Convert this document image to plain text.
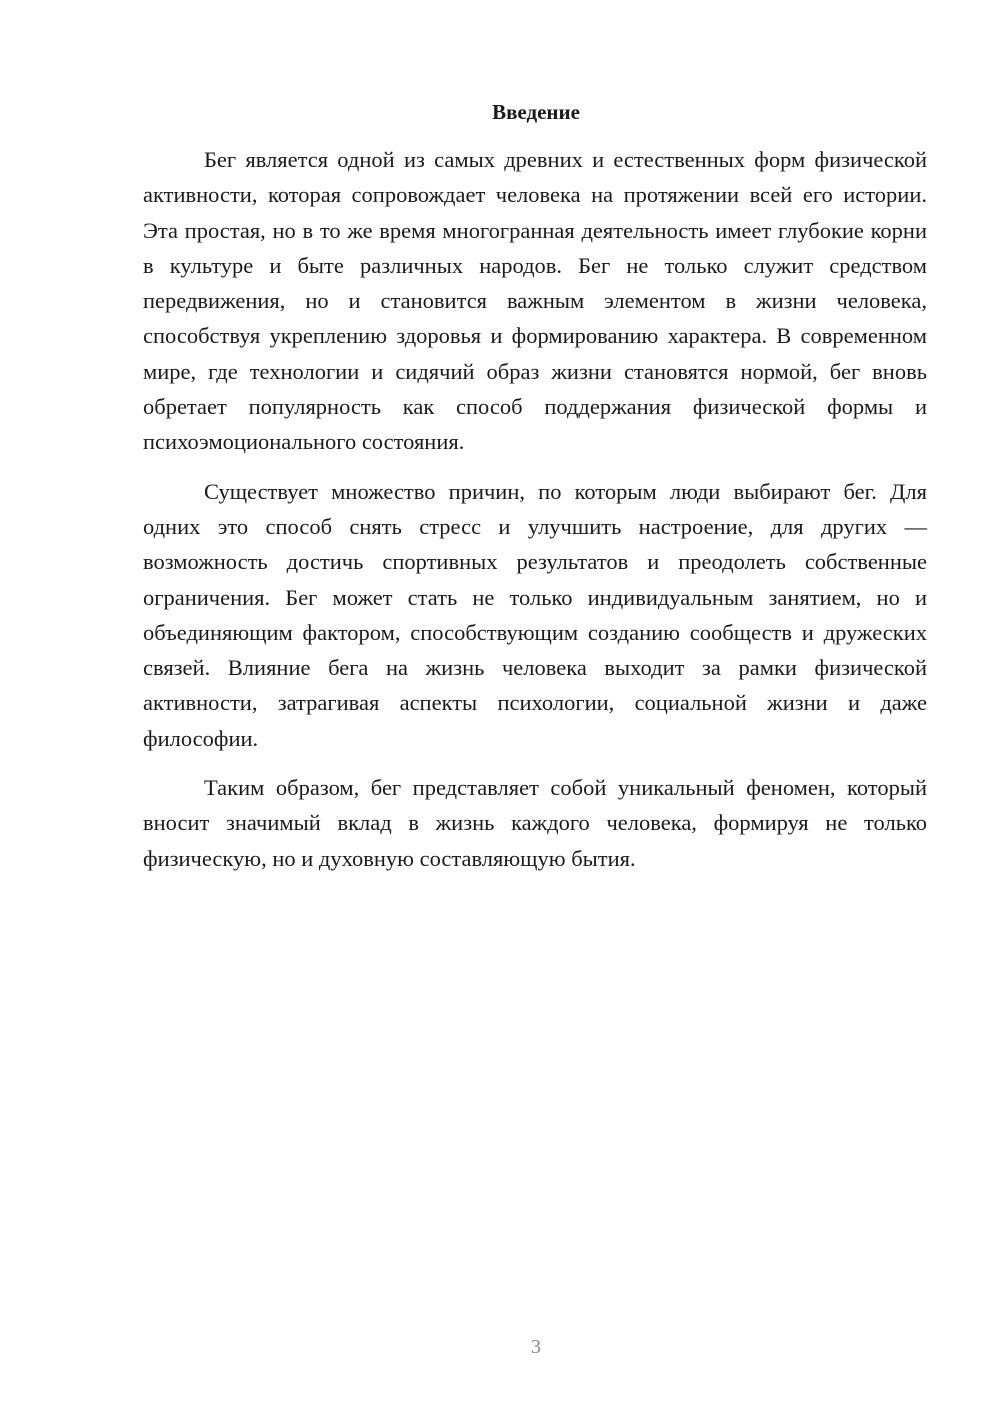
Введение

Бег является одной из самых древних и естественных форм физической активности, которая сопровождает человека на протяжении всей его истории. Эта простая, но в то же время многогранная деятельность имеет глубокие корни в культуре и быте различных народов. Бег не только служит средством передвижения, но и становится важным элементом в жизни человека, способствуя укреплению здоровья и формированию характера. В современном мире, где технологии и сидячий образ жизни становятся нормой, бег вновь обретает популярность как способ поддержания физической формы и психоэмоционального состояния.

Существует множество причин, по которым люди выбирают бег. Для одних это способ снять стресс и улучшить настроение, для других — возможность достичь спортивных результатов и преодолеть собственные ограничения. Бег может стать не только индивидуальным занятием, но и объединяющим фактором, способствующим созданию сообществ и дружеских связей. Влияние бега на жизнь человека выходит за рамки физической активности, затрагивая аспекты психологии, социальной жизни и даже философии.

Таким образом, бег представляет собой уникальный феномен, который вносит значимый вклад в жизнь каждого человека, формируя не только физическую, но и духовную составляющую бытия.

3
